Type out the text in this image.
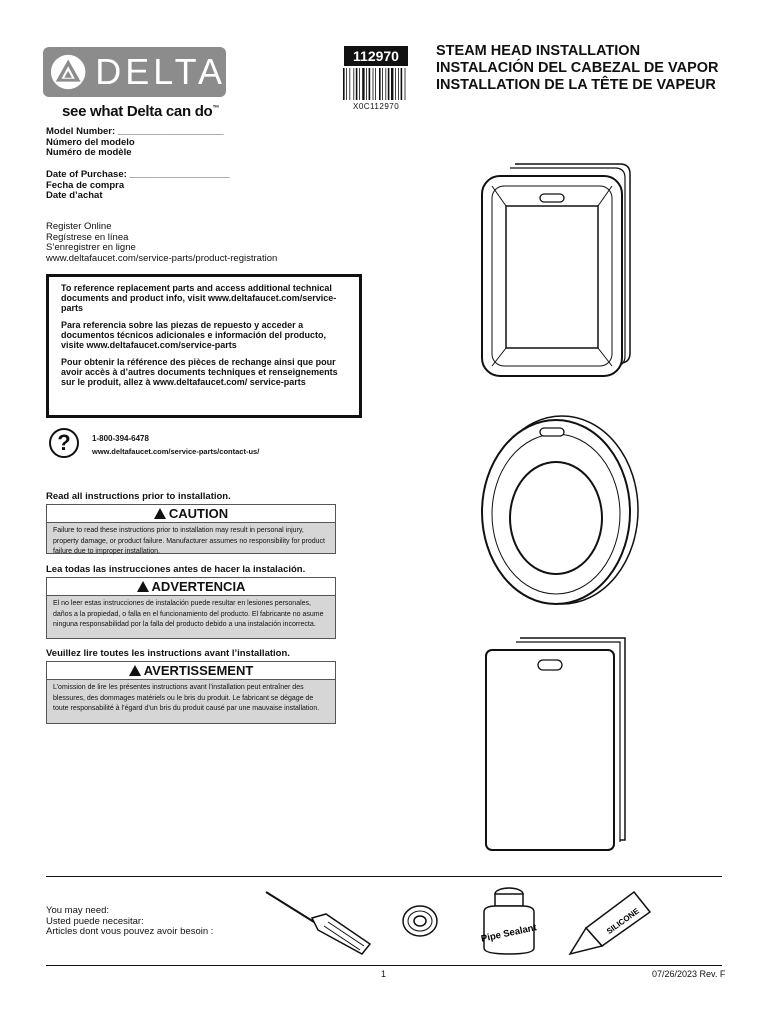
DELTA
see what Delta can do™
112970
X0C112970
STEAM HEAD INSTALLATION
INSTALACIÓN DEL CABEZAL DE VAPOR
INSTALLATION DE LA TÊTE DE VAPEUR
Model Number: ____________________
Número del modelo
Numéro de modèle
Date of Purchase: ___________________
Fecha de compra
Date d’achat
Register Online
Regístrese en línea
S’enregistrer en ligne
www.deltafaucet.com/service-parts/product-registration

To reference replacement parts and access additional technical documents and product info, visit www.deltafaucet.com/service-parts

Para referencia sobre las piezas de repuesto y acceder a documentos técnicos adicionales e información del producto, visite www.deltafaucet.com/service-parts

Pour obtenir la référence des pièces de rechange ainsi que pour avoir accès à d’autres documents techniques et renseignements sur le produit, allez à www.deltafaucet.com/ service-parts

?	1-800-394-6478
www.deltafaucet.com/service-parts/contact-us/
Read all instructions prior to installation.
CAUTION
Failure to read these instructions prior to installation may result in personal injury, property damage, or product failure. Manufacturer assumes no responsibility for product failure due to improper installation.
Lea todas las instrucciones antes de hacer la instalación.
ADVERTENCIA
El no leer estas instrucciones de instalación puede resultar en lesiones personales, daños a la propiedad, o falla en el funcionamiento del producto. El fabricante no asume ninguna responsabilidad por la falla del producto debido a una instalación incorrecta.
Veuillez lire toutes les instructions avant l’installation.
AVERTISSEMENT
L’omission de lire les présentes instructions avant l’installation peut entraîner des blessures, des dommages matériels ou le bris du produit. Le fabricant se dégage de toute responsabilité à l’égard d’un bris du produit causé par une mauvaise installation.
You may need:
Usted puede necesitar:
Articles dont vous pouvez avoir besoin :	Pipe Sealant	SILICONE
1	07/26/2023 Rev. F
